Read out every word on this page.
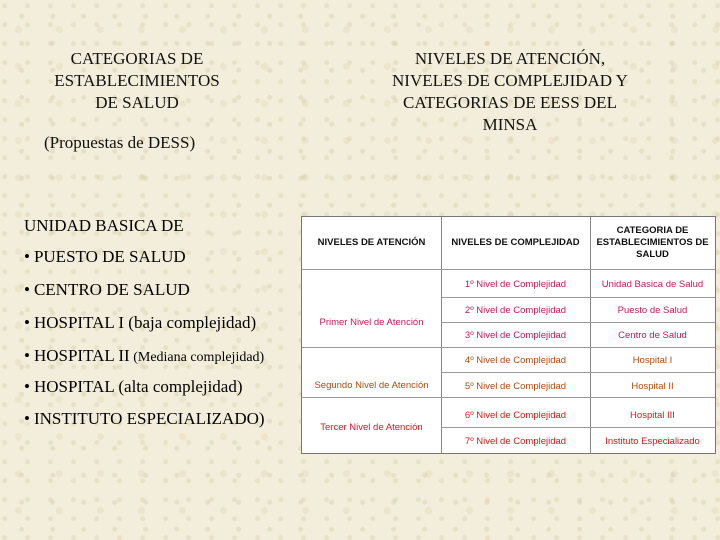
CATEGORIAS DE
ESTABLECIMIENTOS
DE SALUD
(Propuestas de DESS)
NIVELES DE ATENCIÓN,
NIVELES DE COMPLEJIDAD Y
CATEGORIAS DE EESS DEL
MINSA
UNIDAD BASICA DE
• PUESTO DE SALUD
• CENTRO DE SALUD
• HOSPITAL I (baja complejidad)
• HOSPITAL II (Mediana complejidad)
• HOSPITAL (alta complejidad)
• INSTITUTO ESPECIALIZADO)
NIVELES DE ATENCIÓN	NIVELES DE COMPLEJIDAD
CATEGORIA DE
ESTABLECIMIENTOS DE
SALUD
Primer Nivel de Atención
Segundo Nivel de Atención
Tercer Nivel de Atención
1º Nivel de Complejidad
2º Nivel de Complejidad
3º Nivel de Complejidad
4º Nivel de Complejidad
5º Nivel de Complejidad
6º Nivel de Complejidad
7º Nivel de Complejidad
Unidad Basica de Salud
Puesto de Salud
Centro de Salud
Hospital I
Hospital II
Hospital III
Instituto Especializado
